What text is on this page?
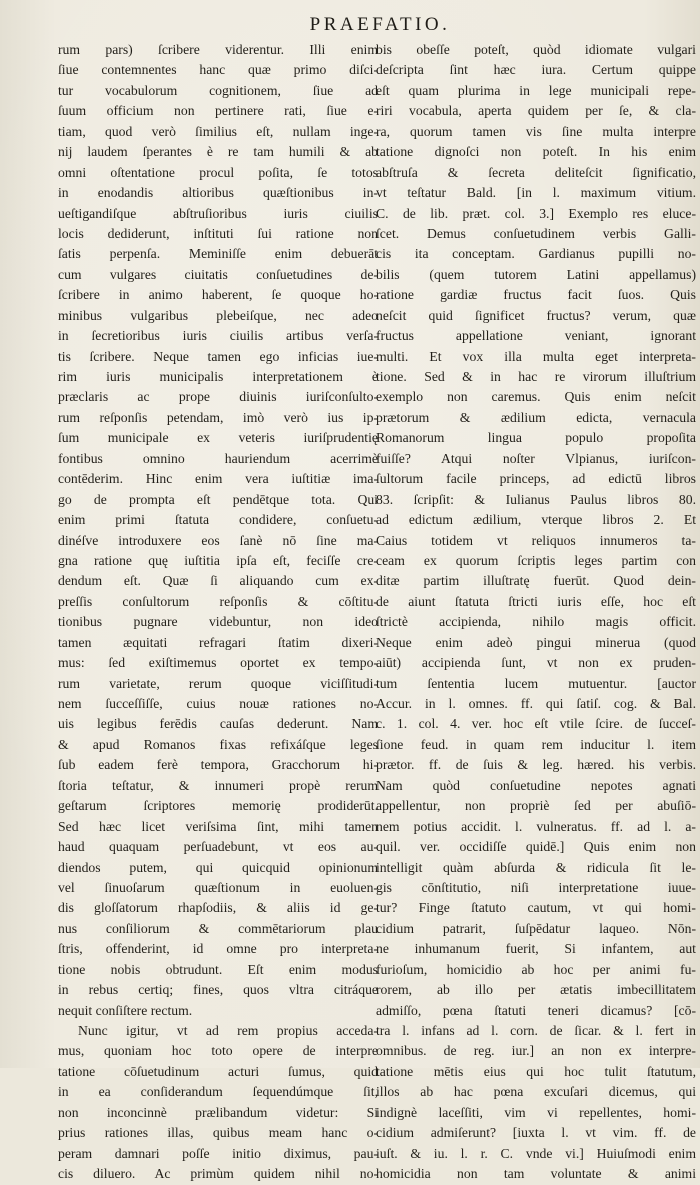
PRAEFATIO.
rum pars) ſcribere viderentur. Illi enim
ſiue contemnentes hanc quæ primo diſci-
tur vocabulorum cognitionem, ſiue ad
ſuum officium non pertinere rati, ſiue e-
tiam, quod verò ſimilius eſt, nullam inge-
nij laudem ſperantes è re tam humili & ab
omni oſtentatione procul poſita, ſe totos
in enodandis altioribus quæſtionibus in-
ueſtigandiſque abſtruſioribus iuris ciuilis
locis dediderunt, inſtituti ſui ratione non
ſatis perpenſa. Meminiſſe enim debuerāt
cum vulgares ciuitatis conſuetudines de-
ſcribere in animo haberent, ſe quoque ho-
minibus vulgaribus plebeiſque, nec adeo
in ſecretioribus iuris ciuilis artibus verſa-
tis ſcribere. Neque tamen ego inficias iue-
rim iuris municipalis interpretationem è
præclaris ac prope diuinis iuriſconſulto-
rum reſponſis petendam, imò verò ius ip-
ſum municipale ex veteris iuriſprudentię
fontibus omnino hauriendum acerrimè
contēderim. Hinc enim vera iuſtitiæ ima-
go de prompta eſt pendētque tota. Qui
enim primi ſtatuta condidere, conſuetu-
dinéſve introduxere eos ſanè nō ſine ma-
gna ratione quę iuſtitia ipſa eſt, feciſſe cre-
dendum eſt. Quæ ſi aliquando cum ex-
preſſis conſultorum reſponſis & cōſtitu-
tionibus pugnare videbuntur, non ideo
tamen æquitati refragari ſtatim dixeri-
mus: ſed exiſtimemus oportet ex tempo-
rum varietate, rerum quoque viciſſitudi-
nem ſucceſſiſſe, cuius nouæ rationes no-
uis legibus ferēdis cauſas dederunt. Nam
& apud Romanos fixas refixáſque leges
ſub eadem ferè tempora, Gracchorum hi-
ſtoria teſtatur, & innumeri propè rerum
geſtarum ſcriptores memorię prodiderūt.
Sed hæc licet veriſsima ſint, mihi tamen
haud quaquam perſuadebunt, vt eos au-
diendos putem, qui quicquid opinionum
vel ſinuoſarum quæſtionum in euoluen-
dis gloſſatorum rhapſodiis, & aliis id ge-
nus conſiliorum & commētariorum plau
ſtris, offenderint, id omne pro interpreta-
tione nobis obtrudunt. Eſt enim modus
in rebus certiq; fines, quos vltra citráque
nequit conſiſtere rectum.
Nunc igitur, vt ad rem propius acceda-
mus, quoniam hoc toto opere de interpre
tatione cōſuetudinum acturi ſumus, quid
in ea conſiderandum ſequendúmque ſit,
non inconcinnè prælibandum videtur: Si
prius rationes illas, quibus meam hanc o-
peram damnari poſſe initio diximus, pau-
cis diluero. Ac primùm quidem nihil no-
bis obeſſe poteſt, quòd idiomate vulgari
deſcripta ſint hæc iura. Certum quippe
eſt quam plurima in lege municipali repe-
riri vocabula, aperta quidem per ſe, & cla-
ra, quorum tamen vis ſine multa interpre
tatione dignoſci non poteſt. In his enim
abſtruſa & ſecreta deliteſcit ſignificatio,
vt teſtatur Bald. [in l. maximum vitium.
C. de lib. præt. col. 3.] Exemplo res eluce-
ſcet. Demus conſuetudinem verbis Galli-
cis ita conceptam. Gardianus pupilli no-
bilis (quem tutorem Latini appellamus)
ratione gardiæ fructus facit ſuos. Quis
neſcit quid ſignificet fructus? verum, quæ
fructus appellatione veniant, ignorant
multi. Et vox illa multa eget interpreta-
tione. Sed & in hac re virorum illuſtrium
exemplo non caremus. Quis enim neſcit
prætorum & ædilium edicta, vernacula
Romanorum lingua populo propoſita
fuiſſe? Atqui noſter Vlpianus, iuriſcon-
ſultorum facile princeps, ad edictū libros
83. ſcripſit: & Iulianus Paulus libros 80.
ad edictum ædilium, vterque libros 2. Et
Caius totidem vt reliquos innumeros ta-
ceam ex quorum ſcriptis leges partim con
ditæ partim illuſtratę fuerūt. Quod dein-
de aiunt ſtatuta ſtricti iuris eſſe, hoc eſt
ſtrictè accipienda, nihilo magis officit.
Neque enim adeò pingui minerua (quod
aiūt) accipienda ſunt, vt non ex pruden-
tum ſententia lucem mutuentur. [auctor
Accur. in l. omnes. ff. qui ſatiſ. cog. & Bal.
c. 1. col. 4. ver. hoc eſt vtile ſcire. de ſucceſ-
ſione feud. in quam rem inducitur l. item
prætor. ff. de ſuis & leg. hæred. his verbis.
Nam quòd conſuetudine nepotes agnati
appellentur, non propriè ſed per abuſiō-
nem potius accidit. l. vulneratus. ff. ad l. a-
quil. ver. occidiſſe quidē.] Quis enim non
intelligit quàm abſurda & ridicula ſit le-
gis cōnſtitutio, niſi interpretatione iuue-
tur? Finge ſtatuto cautum, vt qui homi-
cidium patrarit, ſuſpēdatur laqueo. Nōn-
ne inhumanum fuerit, Si infantem, aut
furioſum, homicidio ab hoc per animi fu-
rorem, ab illo per ætatis imbecillitatem
admiſſo, pœna ſtatuti teneri dicamus? [cō-
tra l. infans ad l. corn. de ſicar. & l. fert in
omnibus. de reg. iur.] an non ex interpre-
tatione mētis eius qui hoc tulit ſtatutum,
illos ab hac pœna excuſari dicemus, qui
indignè laceſſiti, vim vi repellentes, homi-
cidium admiſerunt? [iuxta l. vt vim. ff. de
iuſt. & iu. l. r. C. vnde vi.] Huiuſmodi enim
homicidia non tam voluntate & animi
